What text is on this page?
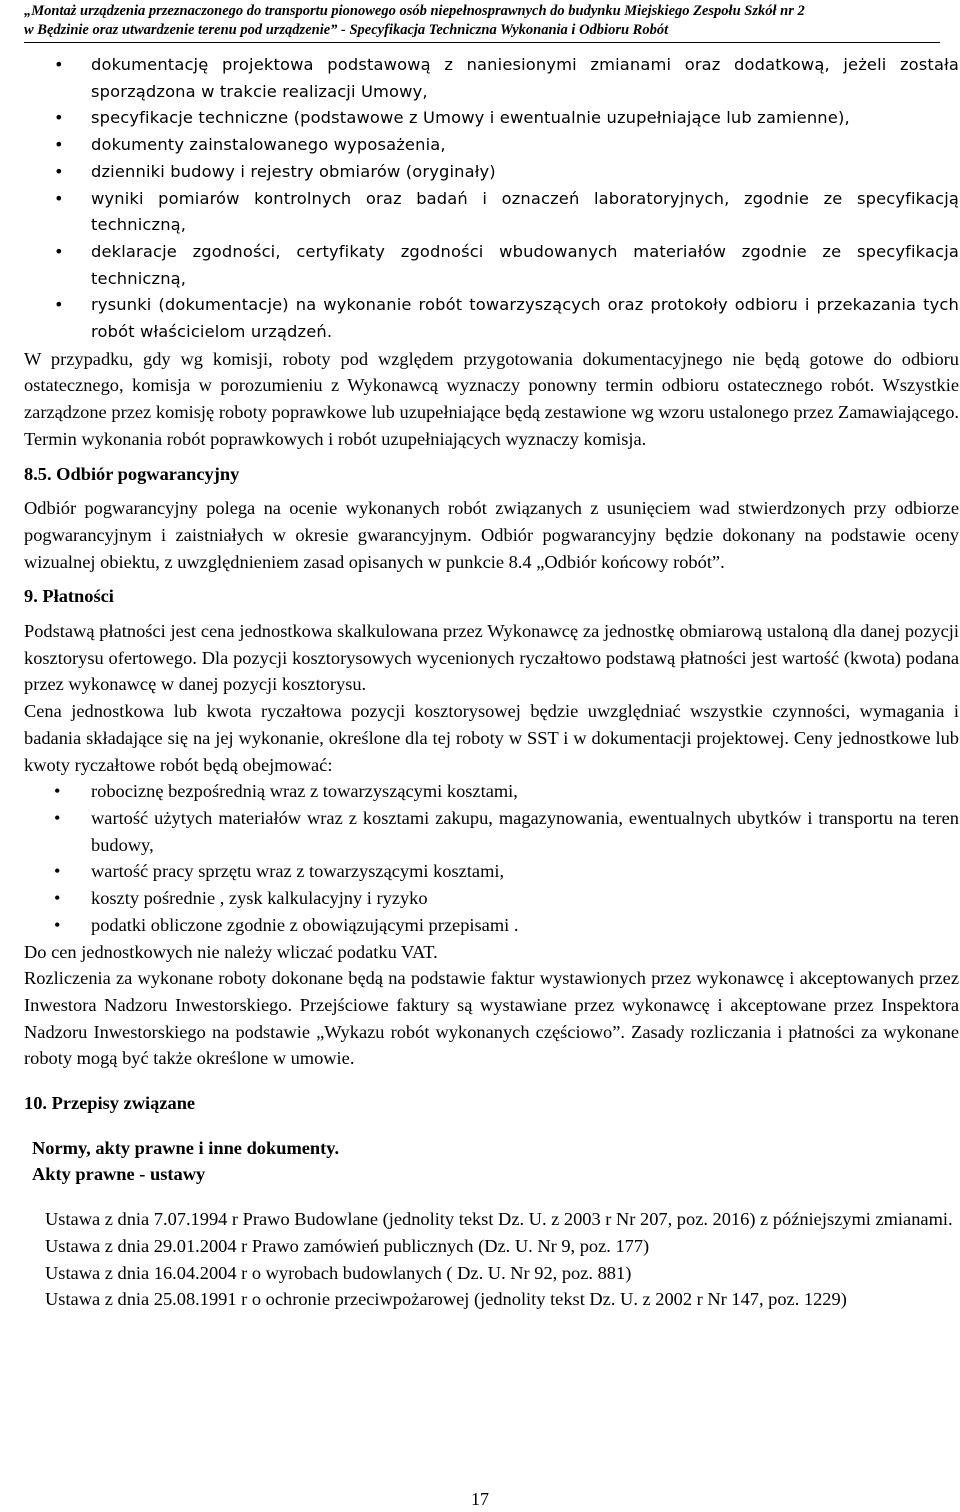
„Montaż urządzenia przeznaczonego do transportu pionowego osób niepełnosprawnych do budynku Miejskiego Zespołu Szkół nr 2
w Będzinie oraz utwardzenie terenu pod urządzenie” - Specyfikacja Techniczna Wykonania i Odbioru Robót
• dokumentację projektowa podstawową z naniesionymi zmianami oraz dodatkową, jeżeli została sporządzona w trakcie realizacji Umowy,
• specyfikacje techniczne (podstawowe z Umowy i ewentualnie uzupełniające lub zamienne),
• dokumenty zainstalowanego wyposażenia,
• dzienniki budowy i rejestry obmiarów (oryginały)
• wyniki pomiarów kontrolnych oraz badań i oznaczeń laboratoryjnych, zgodnie ze specyfikacją techniczną,
• deklaracje zgodności, certyfikaty zgodności wbudowanych materiałów zgodnie ze specyfikacja techniczną,
• rysunki (dokumentacje) na wykonanie robót towarzyszących oraz protokoły odbioru i przekazania tych robót właścicielom urządzeń.

W przypadku, gdy wg komisji, roboty pod względem przygotowania dokumentacyjnego nie będą gotowe do odbioru ostatecznego, komisja w porozumieniu z Wykonawcą wyznaczy ponowny termin odbioru ostatecznego robót. Wszystkie zarządzone przez komisję roboty poprawkowe lub uzupełniające będą zestawione wg wzoru ustalonego przez Zamawiającego. Termin wykonania robót poprawkowych i robót uzupełniających wyznaczy komisja.

8.5. Odbiór pogwarancyjny

Odbiór pogwarancyjny polega na ocenie wykonanych robót związanych z usunięciem wad stwierdzonych przy odbiorze pogwarancyjnym i zaistniałych w okresie gwarancyjnym. Odbiór pogwarancyjny będzie dokonany na podstawie oceny wizualnej obiektu, z uwzględnieniem zasad opisanych w punkcie 8.4 „Odbiór końcowy robót”.

9. Płatności

Podstawą płatności jest cena jednostkowa skalkulowana przez Wykonawcę za jednostkę obmiarową ustaloną dla danej pozycji kosztorysu ofertowego. Dla pozycji kosztorysowych wycenionych ryczałtowo podstawą płatności jest wartość (kwota) podana przez wykonawcę w danej pozycji kosztorysu.

Cena jednostkowa lub kwota ryczałtowa pozycji kosztorysowej będzie uwzględniać wszystkie czynności, wymagania i badania składające się na jej wykonanie, określone dla tej roboty w SST i w dokumentacji projektowej. Ceny jednostkowe lub kwoty ryczałtowe robót będą obejmować:

• robociznę bezpośrednią wraz z towarzyszącymi kosztami,
• wartość użytych materiałów wraz z kosztami zakupu, magazynowania, ewentualnych ubytków i transportu na teren budowy,
• wartość pracy sprzętu wraz z towarzyszącymi kosztami,
• koszty pośrednie , zysk kalkulacyjny i ryzyko
• podatki obliczone zgodnie z obowiązującymi przepisami .

Do cen jednostkowych nie należy wliczać podatku VAT.

Rozliczenia za wykonane roboty dokonane będą na podstawie faktur wystawionych przez wykonawcę i akceptowanych przez Inwestora Nadzoru Inwestorskiego. Przejściowe faktury są wystawiane przez wykonawcę i akceptowane przez Inspektora Nadzoru Inwestorskiego na podstawie „Wykazu robót wykonanych częściowo”. Zasady rozliczania i płatności za wykonane roboty mogą być także określone w umowie.

10. Przepisy związane
Normy, akty prawne i inne dokumenty.
Akty prawne - ustawy

Ustawa z dnia 7.07.1994 r Prawo Budowlane (jednolity tekst Dz. U. z 2003 r Nr 207, poz. 2016) z późniejszymi zmianami.

Ustawa z dnia 29.01.2004 r Prawo zamówień publicznych (Dz. U. Nr 9, poz. 177)

Ustawa z dnia 16.04.2004 r o wyrobach budowlanych ( Dz. U. Nr 92, poz. 881)

Ustawa z dnia 25.08.1991 r o ochronie przeciwpożarowej (jednolity tekst Dz. U. z 2002 r Nr 147, poz. 1229)

17
